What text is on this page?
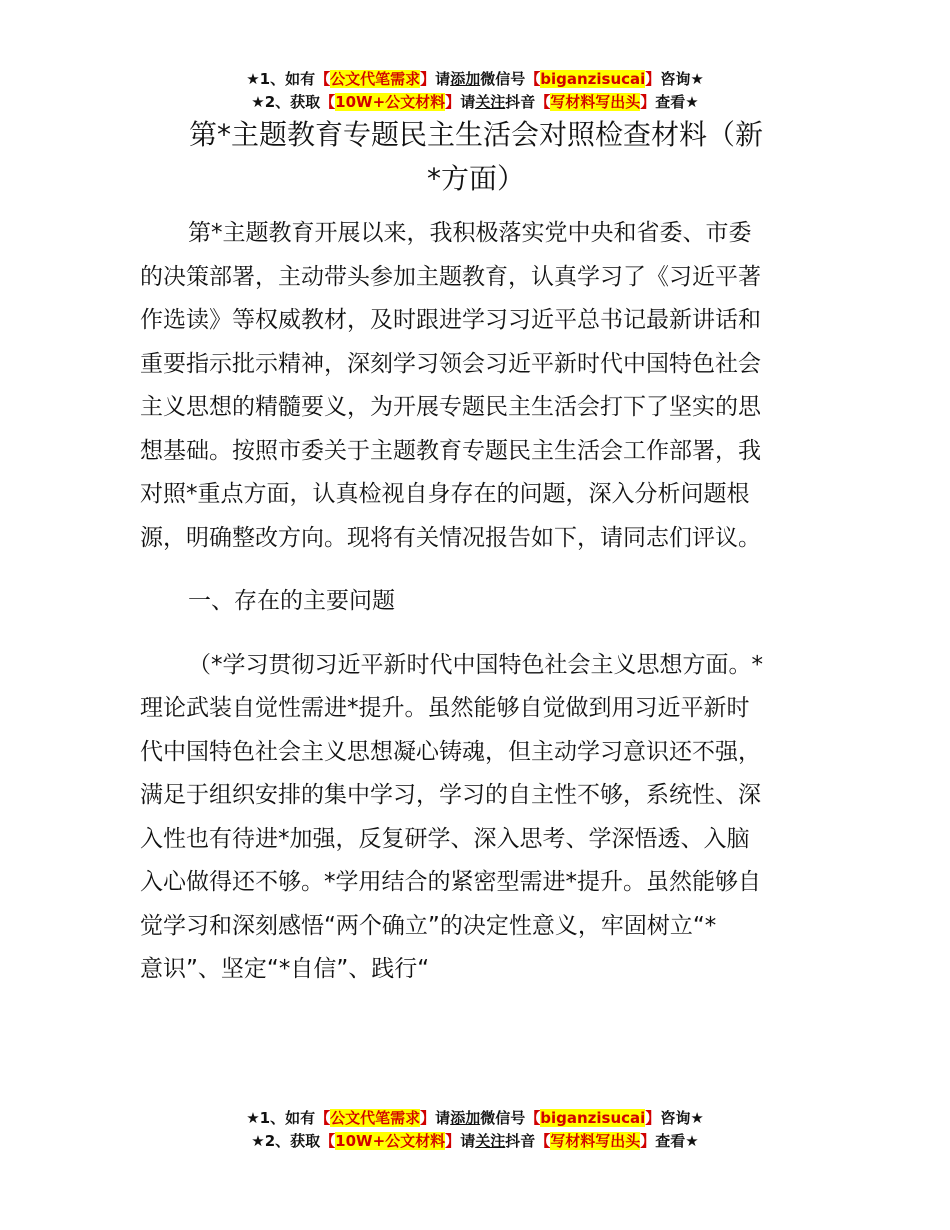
★1、如有【公文代笔需求】请添加微信号【biganzisucai】咨询★
★2、获取【10W+公文材料】请关注抖音【写材料写出头】查看★
第*主题教育专题民主生活会对照检查材料（新
*方面）
第*主题教育开展以来，我积极落实党中央和省委、市委
的决策部署，主动带头参加主题教育，认真学习了《习近平著
作选读》等权威教材，及时跟进学习习近平总书记最新讲话和
重要指示批示精神，深刻学习领会习近平新时代中国特色社会
主义思想的精髓要义，为开展专题民主生活会打下了坚实的思
想基础。按照市委关于主题教育专题民主生活会工作部署，我
对照*重点方面，认真检视自身存在的问题，深入分析问题根
源，明确整改方向。现将有关情况报告如下，请同志们评议。
一、存在的主要问题
（*学习贯彻习近平新时代中国特色社会主义思想方面。*
理论武装自觉性需进*提升。虽然能够自觉做到用习近平新时
代中国特色社会主义思想凝心铸魂，但主动学习意识还不强，
满足于组织安排的集中学习，学习的自主性不够，系统性、深
入性也有待进*加强，反复研学、深入思考、学深悟透、入脑
入心做得还不够。*学用结合的紧密型需进*提升。虽然能够自
觉学习和深刻感悟“两个确立”的决定性意义，牢固树立“*
意识”、坚定“*自信”、践行“
★1、如有【公文代笔需求】请添加微信号【biganzisucai】咨询★
★2、获取【10W+公文材料】请关注抖音【写材料写出头】查看★
